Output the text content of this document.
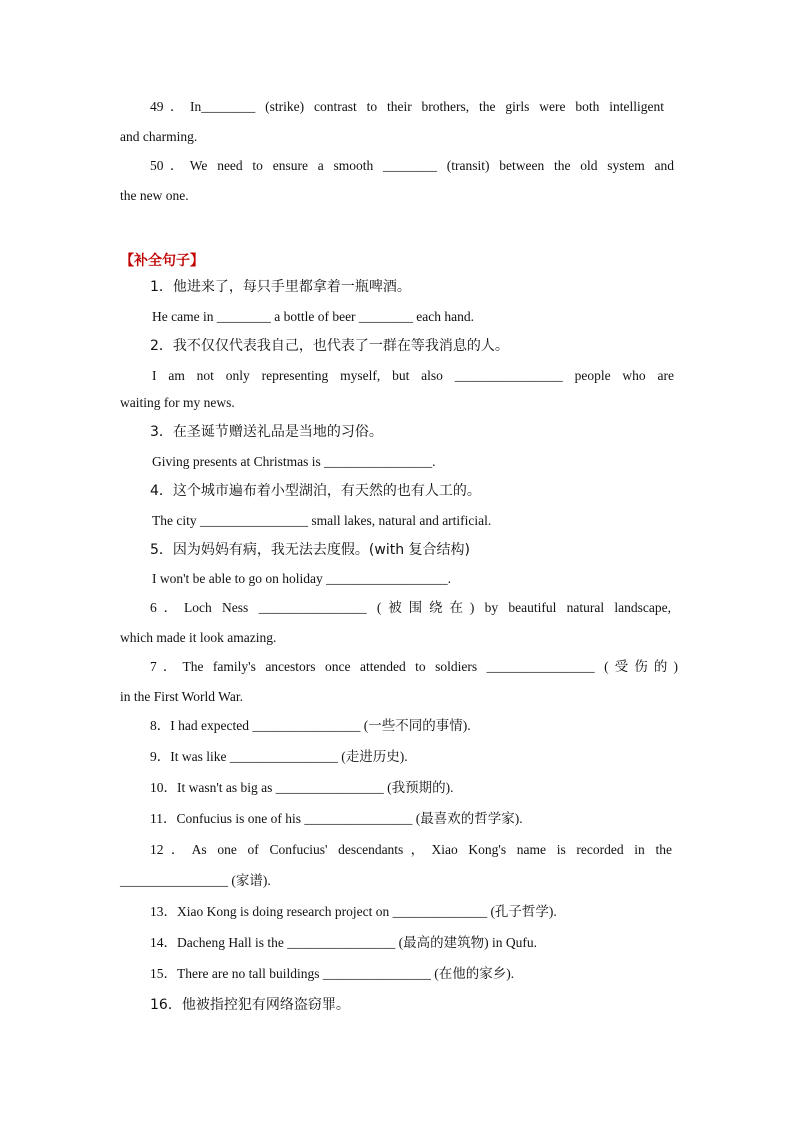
49．In________ (strike) contrast to their brothers, the girls were both intelligent
and charming.
50．We need to ensure a smooth ________ (transit) between the old system and
the new one.
【补全句子】
1．他进来了，每只手里都拿着一瓶啤酒。
He came in ________ a bottle of beer ________ each hand.
2．我不仅仅代表我自己，也代表了一群在等我消息的人。
I am not only representing myself, but also ________________ people who are
waiting for my news.
3．在圣诞节赠送礼品是当地的习俗。
Giving presents at Christmas is ________________.
4．这个城市遍布着小型湖泊，有天然的也有人工的。
The city ________________ small lakes, natural and artificial.
5．因为妈妈有病，我无法去度假。(with 复合结构)
I won't be able to go on holiday __________________.
6．Loch Ness ________________ (被围绕在) by beautiful natural landscape,
which made it look amazing.
7．The family's ancestors once attended to soldiers ________________ (受伤的)
in the First World War.
8．I had expected ________________ (一些不同的事情).
9．It was like ________________ (走进历史).
10．It wasn't as big as ________________ (我预期的).
11．Confucius is one of his ________________ (最喜欢的哲学家).
12．As one of Confucius' descendants，Xiao Kong's name is recorded in the
________________ (家谱).
13．Xiao Kong is doing research project on ______________ (孔子哲学).
14．Dacheng Hall is the ________________ (最高的建筑物) in Qufu.
15．There are no tall buildings ________________ (在他的家乡).
16．他被指控犯有网络盗窃罪。
